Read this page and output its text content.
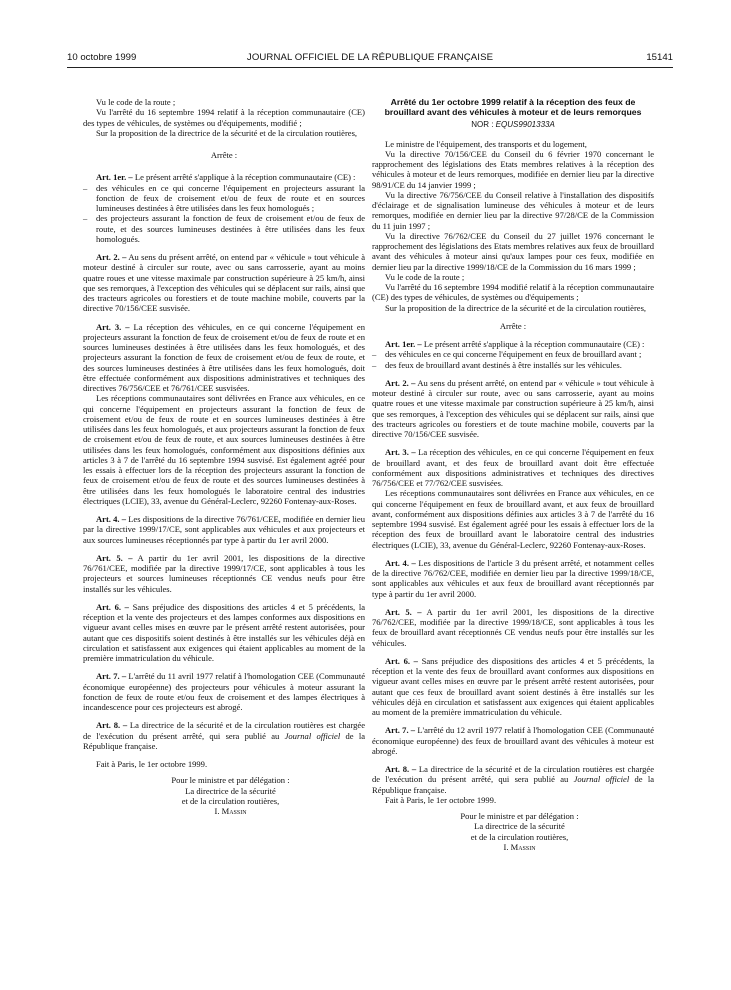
10 octobre 1999	JOURNAL OFFICIEL DE LA RÉPUBLIQUE FRANÇAISE	15141

Vu le code de la route ;

Vu l'arrêté du 16 septembre 1994 relatif à la réception communautaire (CE) des types de véhicules, de systèmes ou d'équipements, modifié ;

Sur la proposition de la directrice de la sécurité et de la circulation routières,

Arrête :

Art. 1er. – Le présent arrêté s'applique à la réception communautaire (CE) :

– des véhicules en ce qui concerne l'équipement en projecteurs assurant la fonction de feux de croisement et/ou de feux de route et en sources lumineuses destinées à être utilisées dans les feux homologués ;
– des projecteurs assurant la fonction de feux de croisement et/ou de feux de route, et des sources lumineuses destinées à être utilisées dans les feux homologués.

Art. 2. – Au sens du présent arrêté, on entend par « véhicule » tout véhicule à moteur destiné à circuler sur route, avec ou sans carrosserie, ayant au moins quatre roues et une vitesse maximale par construction supérieure à 25 km/h, ainsi que ses remorques, à l'exception des véhicules qui se déplacent sur rails, ainsi que des tracteurs agricoles ou forestiers et de toute machine mobile, couverts par la directive 70/156/CEE susvisée.

Art. 3. – La réception des véhicules, en ce qui concerne l'équipement en projecteurs assurant la fonction de feux de croisement et/ou de feux de route et en sources lumineuses destinées à être utilisées dans les feux homologués, et des projecteurs assurant la fonction de feux de croisement et/ou de feux de route, et des sources lumineuses destinées à être utilisées dans les feux homologués, doit être effectuée conformément aux dispositions administratives et techniques des directives 76/756/CEE et 76/761/CEE susvisées.

Les réceptions communautaires sont délivrées en France aux véhicules, en ce qui concerne l'équipement en projecteurs assurant la fonction de feux de croisement et/ou de feux de route et en sources lumineuses destinées à être utilisées dans les feux homologués, et aux projecteurs assurant la fonction de feux de croisement et/ou de feux de route, et aux sources lumineuses destinées à être utilisées dans les feux homologués, conformément aux dispositions définies aux articles 3 à 7 de l'arrêté du 16 septembre 1994 susvisé. Est également agréé pour les essais à effectuer lors de la réception des projecteurs assurant la fonction de feux de croisement et/ou de feux de route et des sources lumineuses destinées à être utilisées dans les feux homologués le laboratoire central des industries électriques (LCIE), 33, avenue du Général-Leclerc, 92260 Fontenay-aux-Roses.

Art. 4. – Les dispositions de la directive 76/761/CEE, modifiée en dernier lieu par la directive 1999/17/CE, sont applicables aux véhicules et aux projecteurs et aux sources lumineuses réceptionnés par type à partir du 1er avril 2000.

Art. 5. – A partir du 1er avril 2001, les dispositions de la directive 76/761/CEE, modifiée par la directive 1999/17/CE, sont applicables à tous les projecteurs et sources lumineuses réceptionnés CE vendus neufs pour être installés sur les véhicules.

Art. 6. – Sans préjudice des dispositions des articles 4 et 5 précédents, la réception et la vente des projecteurs et des lampes conformes aux dispositions en vigueur avant celles mises en œuvre par le présent arrêté restent autorisées, pour autant que ces dispositifs soient destinés à être installés sur les véhicules déjà en circulation et satisfassent aux exigences qui étaient applicables au moment de la première immatriculation du véhicule.

Art. 7. – L'arrêté du 11 avril 1977 relatif à l'homologation CEE (Communauté économique européenne) des projecteurs pour véhicules à moteur assurant la fonction de feux de route et/ou feux de croisement et des lampes électriques à incandescence pour ces projecteurs est abrogé.

Art. 8. – La directrice de la sécurité et de la circulation routières est chargée de l'exécution du présent arrêté, qui sera publié au Journal officiel de la République française.

Fait à Paris, le 1er octobre 1999.

Pour le ministre et par délégation :

La directrice de la sécurité

et de la circulation routières,

I. Massin

Arrêté du 1er octobre 1999 relatif à la réception des feux de brouillard avant des véhicules à moteur et de leurs remorques

NOR : EQUS9901333A

Le ministre de l'équipement, des transports et du logement,

Vu la directive 70/156/CEE du Conseil du 6 février 1970 concernant le rapprochement des législations des Etats membres relatives à la réception des véhicules à moteur et de leurs remorques, modifiée en dernier lieu par la directive 98/91/CE du 14 janvier 1999 ;

Vu la directive 76/756/CEE du Conseil relative à l'installation des dispositifs d'éclairage et de signalisation lumineuse des véhicules à moteur et de leurs remorques, modifiée en dernier lieu par la directive 97/28/CE de la Commission du 11 juin 1997 ;

Vu la directive 76/762/CEE du Conseil du 27 juillet 1976 concernant le rapprochement des législations des Etats membres relatives aux feux de brouillard avant des véhicules à moteur ainsi qu'aux lampes pour ces feux, modifiée en dernier lieu par la directive 1999/18/CE de la Commission du 16 mars 1999 ;

Vu le code de la route ;

Vu l'arrêté du 16 septembre 1994 modifié relatif à la réception communautaire (CE) des types de véhicules, de systèmes ou d'équipements ;

Sur la proposition de la directrice de la sécurité et de la circulation routières,

Arrête :

Art. 1er. – Le présent arrêté s'applique à la réception communautaire (CE) :

– des véhicules en ce qui concerne l'équipement en feux de brouillard avant ;
– des feux de brouillard avant destinés à être installés sur les véhicules.

Art. 2. – Au sens du présent arrêté, on entend par « véhicule » tout véhicule à moteur destiné à circuler sur route, avec ou sans carrosserie, ayant au moins quatre roues et une vitesse maximale par construction supérieure à 25 km/h, ainsi que ses remorques, à l'exception des véhicules qui se déplacent sur rails, ainsi que des tracteurs agricoles ou forestiers et de toute machine mobile, couverts par la directive 70/156/CEE susvisée.

Art. 3. – La réception des véhicules, en ce qui concerne l'équipement en feux de brouillard avant, et des feux de brouillard avant doit être effectuée conformément aux dispositions administratives et techniques des directives 76/756/CEE et 77/762/CEE susvisées.

Les réceptions communautaires sont délivrées en France aux véhicules, en ce qui concerne l'équipement en feux de brouillard avant, et aux feux de brouillard avant, conformément aux dispositions définies aux articles 3 à 7 de l'arrêté du 16 septembre 1994 susvisé. Est également agréé pour les essais à effectuer lors de la réception des feux de brouillard avant le laboratoire central des industries électriques (LCIE), 33, avenue du Général-Leclerc, 92260 Fontenay-aux-Roses.

Art. 4. – Les dispositions de l'article 3 du présent arrêté, et notamment celles de la directive 76/762/CEE, modifiée en dernier lieu par la directive 1999/18/CE, sont applicables aux véhicules et aux feux de brouillard avant réceptionnés par type à partir du 1er avril 2000.

Art. 5. – A partir du 1er avril 2001, les dispositions de la directive 76/762/CEE, modifiée par la directive 1999/18/CE, sont applicables à tous les feux de brouillard avant réceptionnés CE vendus neufs pour être installés sur les véhicules.

Art. 6. – Sans préjudice des dispositions des articles 4 et 5 précédents, la réception et la vente des feux de brouillard avant conformes aux dispositions en vigueur avant celles mises en œuvre par le présent arrêté restent autorisées, pour autant que ces feux de brouillard avant soient destinés à être installés sur les véhicules déjà en circulation et satisfassent aux exigences qui étaient applicables au moment de la première immatriculation du véhicule.

Art. 7. – L'arrêté du 12 avril 1977 relatif à l'homologation CEE (Communauté économique européenne) des feux de brouillard avant des véhicules à moteur est abrogé.

Art. 8. – La directrice de la sécurité et de la circulation routières est chargée de l'exécution du présent arrêté, qui sera publié au Journal officiel de la République française.

Fait à Paris, le 1er octobre 1999.

Pour le ministre et par délégation :

La directrice de la sécurité

et de la circulation routières,

I. Massin
